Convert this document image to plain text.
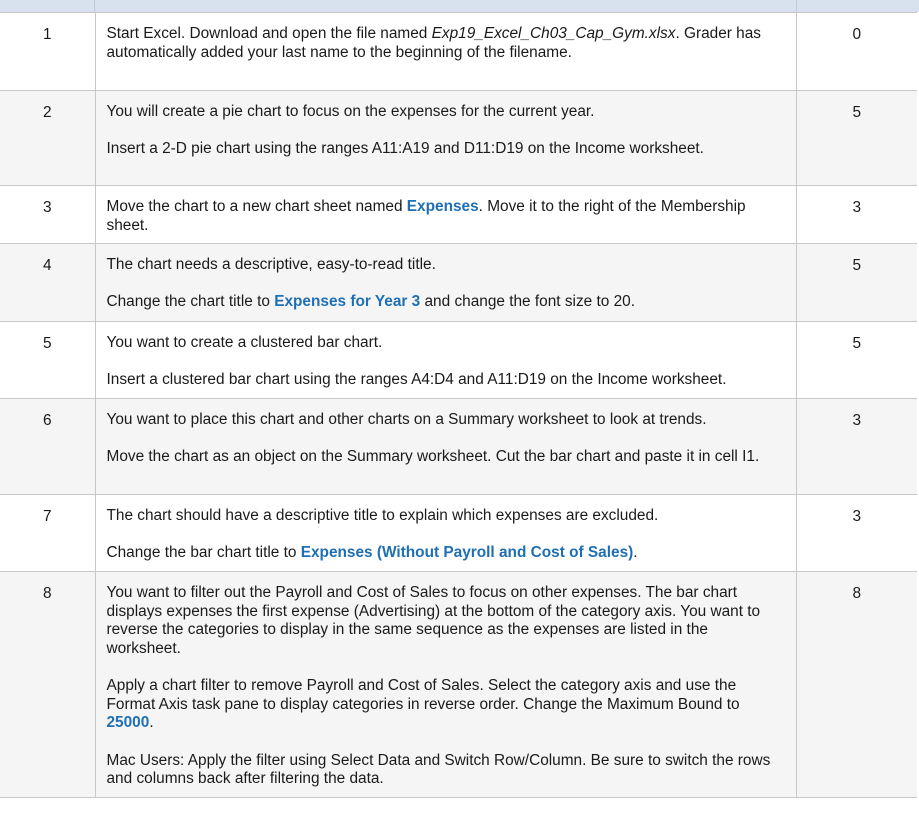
1	Start Excel. Download and open the file named Exp19_Excel_Ch03_Cap_Gym.xlsx. Grader has automatically added your last name to the beginning of the filename.	0
2	You will create a pie chart to focus on the expenses for the current year.

Insert a 2-D pie chart using the ranges A11:A19 and D11:D19 on the Income worksheet.	5
3	Move the chart to a new chart sheet named Expenses. Move it to the right of the Membership sheet.	3
4	The chart needs a descriptive, easy-to-read title.

Change the chart title to Expenses for Year 3 and change the font size to 20.	5
5	You want to create a clustered bar chart.

Insert a clustered bar chart using the ranges A4:D4 and A11:D19 on the Income worksheet.	5
6	You want to place this chart and other charts on a Summary worksheet to look at trends.

Move the chart as an object on the Summary worksheet. Cut the bar chart and paste it in cell I1.	3
7	The chart should have a descriptive title to explain which expenses are excluded.

Change the bar chart title to Expenses (Without Payroll and Cost of Sales).	3
8	You want to filter out the Payroll and Cost of Sales to focus on other expenses. The bar chart displays expenses the first expense (Advertising) at the bottom of the category axis. You want to reverse the categories to display in the same sequence as the expenses are listed in the worksheet.

Apply a chart filter to remove Payroll and Cost of Sales. Select the category axis and use the Format Axis task pane to display categories in reverse order. Change the Maximum Bound to 25000.

Mac Users: Apply the filter using Select Data and Switch Row/Column. Be sure to switch the rows and columns back after filtering the data.	8
